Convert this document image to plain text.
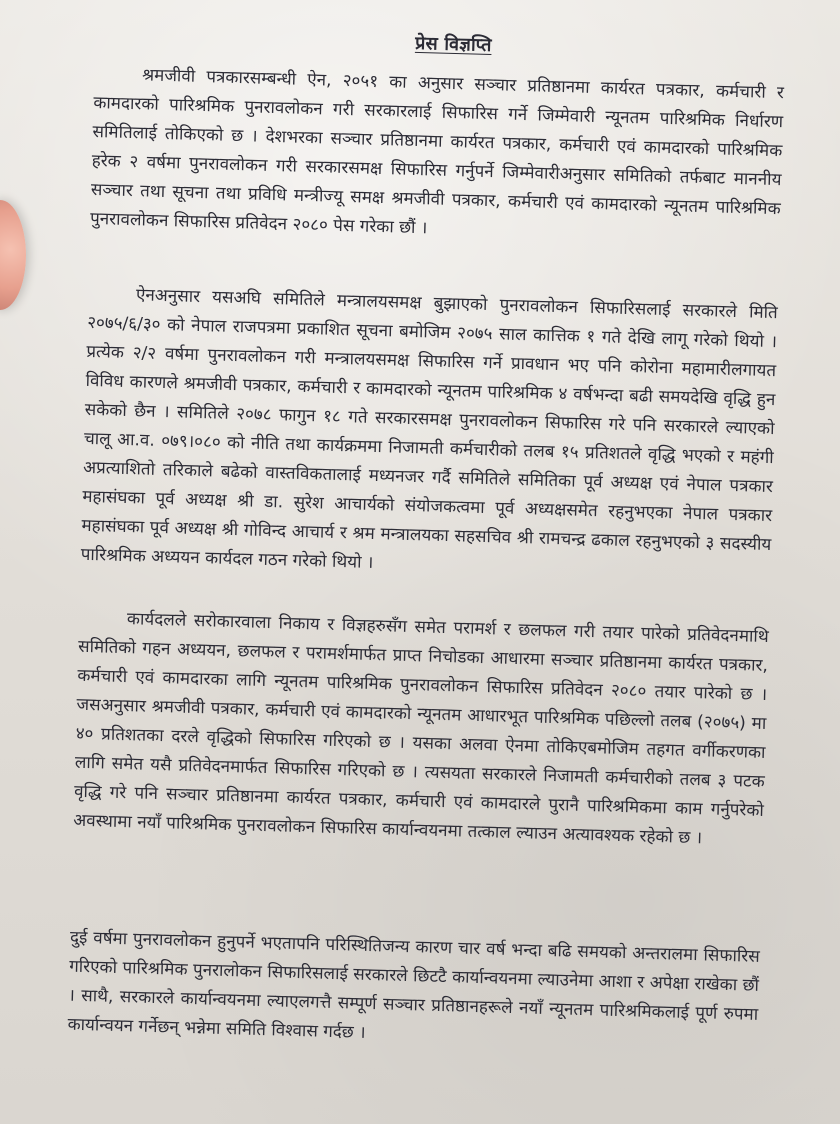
प्रेस विज्ञप्ति
श्रमजीवी पत्रकारसम्बन्धी ऐन, २०५१ का अनुसार सञ्चार प्रतिष्ठानमा कार्यरत पत्रकार, कर्मचारी र कामदारको पारिश्रमिक पुनरावलोकन गरी सरकारलाई सिफारिस गर्ने जिम्मेवारी न्यूनतम पारिश्रमिक निर्धारण समितिलाई तोकिएको छ । देशभरका सञ्चार प्रतिष्ठानमा कार्यरत पत्रकार, कर्मचारी एवं कामदारको पारिश्रमिक हरेक २ वर्षमा पुनरावलोकन गरी सरकारसमक्ष सिफारिस गर्नुपर्ने जिम्मेवारीअनुसार समितिको तर्फबाट माननीय सञ्चार तथा सूचना तथा प्रविधि मन्त्रीज्यू समक्ष श्रमजीवी पत्रकार, कर्मचारी एवं कामदारको न्यूनतम पारिश्रमिक पुनरावलोकन सिफारिस प्रतिवेदन २०८० पेस गरेका छौं ।
ऐनअनुसार यसअघि समितिले मन्त्रालयसमक्ष बुझाएको पुनरावलोकन सिफारिसलाई सरकारले मिति २०७५/६/३० को नेपाल राजपत्रमा प्रकाशित सूचना बमोजिम २०७५ साल कात्तिक १ गते देखि लागू गरेको थियो । प्रत्येक २/२ वर्षमा पुनरावलोकन गरी मन्त्रालयसमक्ष सिफारिस गर्ने प्रावधान भए पनि कोरोना महामारीलगायत विविध कारणले श्रमजीवी पत्रकार, कर्मचारी र कामदारको न्यूनतम पारिश्रमिक ४ वर्षभन्दा बढी समयदेखि वृद्धि हुन सकेको छैन । समितिले २०७८ फागुन १८ गते सरकारसमक्ष पुनरावलोकन सिफारिस गरे पनि सरकारले ल्याएको चालू आ.व. ०७९।०८० को नीति तथा कार्यक्रममा निजामती कर्मचारीको तलब १५ प्रतिशतले वृद्धि भएको र महंगी अप्रत्याशितो तरिकाले बढेको वास्तविकतालाई मध्यनजर गर्दै समितिले समितिका पूर्व अध्यक्ष एवं नेपाल पत्रकार महासंघका पूर्व अध्यक्ष श्री डा. सुरेश आचार्यको संयोजकत्वमा पूर्व अध्यक्षसमेत रहनुभएका नेपाल पत्रकार महासंघका पूर्व अध्यक्ष श्री गोविन्द आचार्य र श्रम मन्त्रालयका सहसचिव श्री रामचन्द्र ढकाल रहनुभएको ३ सदस्यीय पारिश्रमिक अध्ययन कार्यदल गठन गरेको थियो ।
कार्यदलले सरोकारवाला निकाय र विज्ञहरुसँग समेत परामर्श र छलफल गरी तयार पारेको प्रतिवेदनमाथि समितिको गहन अध्ययन, छलफल र परामर्शमार्फत प्राप्त निचोडका आधारमा सञ्चार प्रतिष्ठानमा कार्यरत पत्रकार, कर्मचारी एवं कामदारका लागि न्यूनतम पारिश्रमिक पुनरावलोकन सिफारिस प्रतिवेदन २०८० तयार पारेको छ । जसअनुसार श्रमजीवी पत्रकार, कर्मचारी एवं कामदारको न्यूनतम आधारभूत पारिश्रमिक पछिल्लो तलब (२०७५) मा ४० प्रतिशतका दरले वृद्धिको सिफारिस गरिएको छ । यसका अलवा ऐनमा तोकिएबमोजिम तहगत वर्गीकरणका लागि समेत यसै प्रतिवेदनमार्फत सिफारिस गरिएको छ । त्यसयता सरकारले निजामती कर्मचारीको तलब ३ पटक वृद्धि गरे पनि सञ्चार प्रतिष्ठानमा कार्यरत पत्रकार, कर्मचारी एवं कामदारले पुरानै पारिश्रमिकमा काम गर्नुपरेको अवस्थामा नयाँ पारिश्रमिक पुनरावलोकन सिफारिस कार्यान्वयनमा तत्काल ल्याउन अत्यावश्यक रहेको छ ।
दुई वर्षमा पुनरावलोकन हुनुपर्ने भएतापनि परिस्थितिजन्य कारण चार वर्ष भन्दा बढि समयको अन्तरालमा सिफारिस गरिएको पारिश्रमिक पुनरालोकन सिफारिसलाई सरकारले छिटटै कार्यान्वयनमा ल्याउनेमा आशा र अपेक्षा राखेका छौं । साथै, सरकारले कार्यान्वयनमा ल्याएलगत्तै सम्पूर्ण सञ्चार प्रतिष्ठानहरूले नयाँ न्यूनतम पारिश्रमिकलाई पूर्ण रुपमा कार्यान्वयन गर्नेछन् भन्नेमा समिति विश्वास गर्दछ ।
